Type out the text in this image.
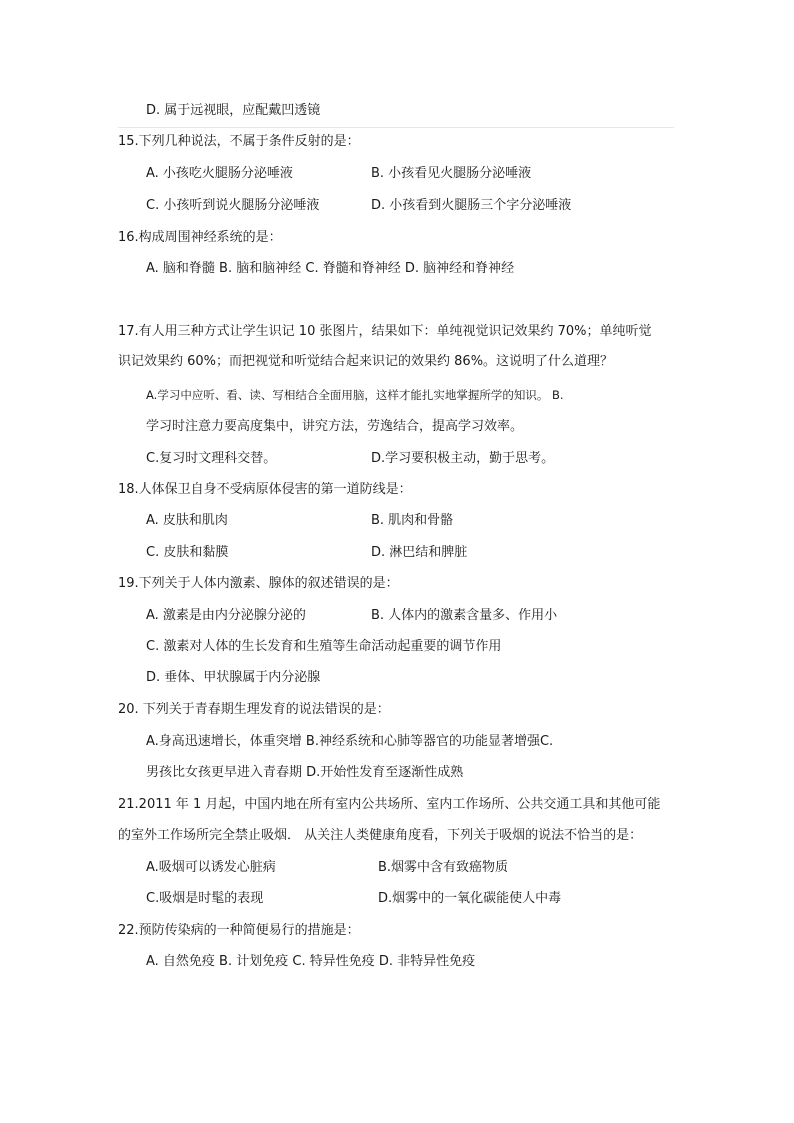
D. 属于远视眼，应配戴凹透镜
15.下列几种说法，不属于条件反射的是：
A. 小孩吃火腿肠分泌唾液	B. 小孩看见火腿肠分泌唾液
C. 小孩听到说火腿肠分泌唾液	D. 小孩看到火腿肠三个字分泌唾液
16.构成周围神经系统的是：
A. 脑和脊髓 B. 脑和脑神经 C. 脊髓和脊神经 D. 脑神经和脊神经
17.有人用三种方式让学生识记 10 张图片，结果如下：单纯视觉识记效果约 70%；单纯听觉
识记效果约 60%；而把视觉和听觉结合起来识记的效果约 86%。这说明了什么道理？
A.学习中应听、看、读、写相结合全面用脑，这样才能扎实地掌握所学的知识。 B.
学习时注意力要高度集中，讲究方法，劳逸结合，提高学习效率。
C.复习时文理科交替。	D.学习要积极主动，勤于思考。
18.人体保卫自身不受病原体侵害的第一道防线是：
A. 皮肤和肌肉	B. 肌肉和骨骼
C. 皮肤和黏膜	D. 淋巴结和脾脏
19.下列关于人体内激素、腺体的叙述错误的是：
A. 激素是由内分泌腺分泌的	B. 人体内的激素含量多、作用小
C. 激素对人体的生长发育和生殖等生命活动起重要的调节作用
D. 垂体、甲状腺属于内分泌腺
20. 下列关于青春期生理发育的说法错误的是：
A.身高迅速增长，体重突增 B.神经系统和心肺等器官的功能显著增强C.
男孩比女孩更早进入青春期 D.开始性发育至逐渐性成熟
21.2011 年 1 月起，中国内地在所有室内公共场所、室内工作场所、公共交通工具和其他可能
的室外工作场所完全禁止吸烟． 从关注人类健康角度看，下列关于吸烟的说法不恰当的是：
A.吸烟可以诱发心脏病	B.烟雾中含有致癌物质
C.吸烟是时髦的表现	D.烟雾中的一氧化碳能使人中毒
22.预防传染病的一种简便易行的措施是：
A. 自然免疫 B. 计划免疫 C. 特异性免疫 D. 非特异性免疫
